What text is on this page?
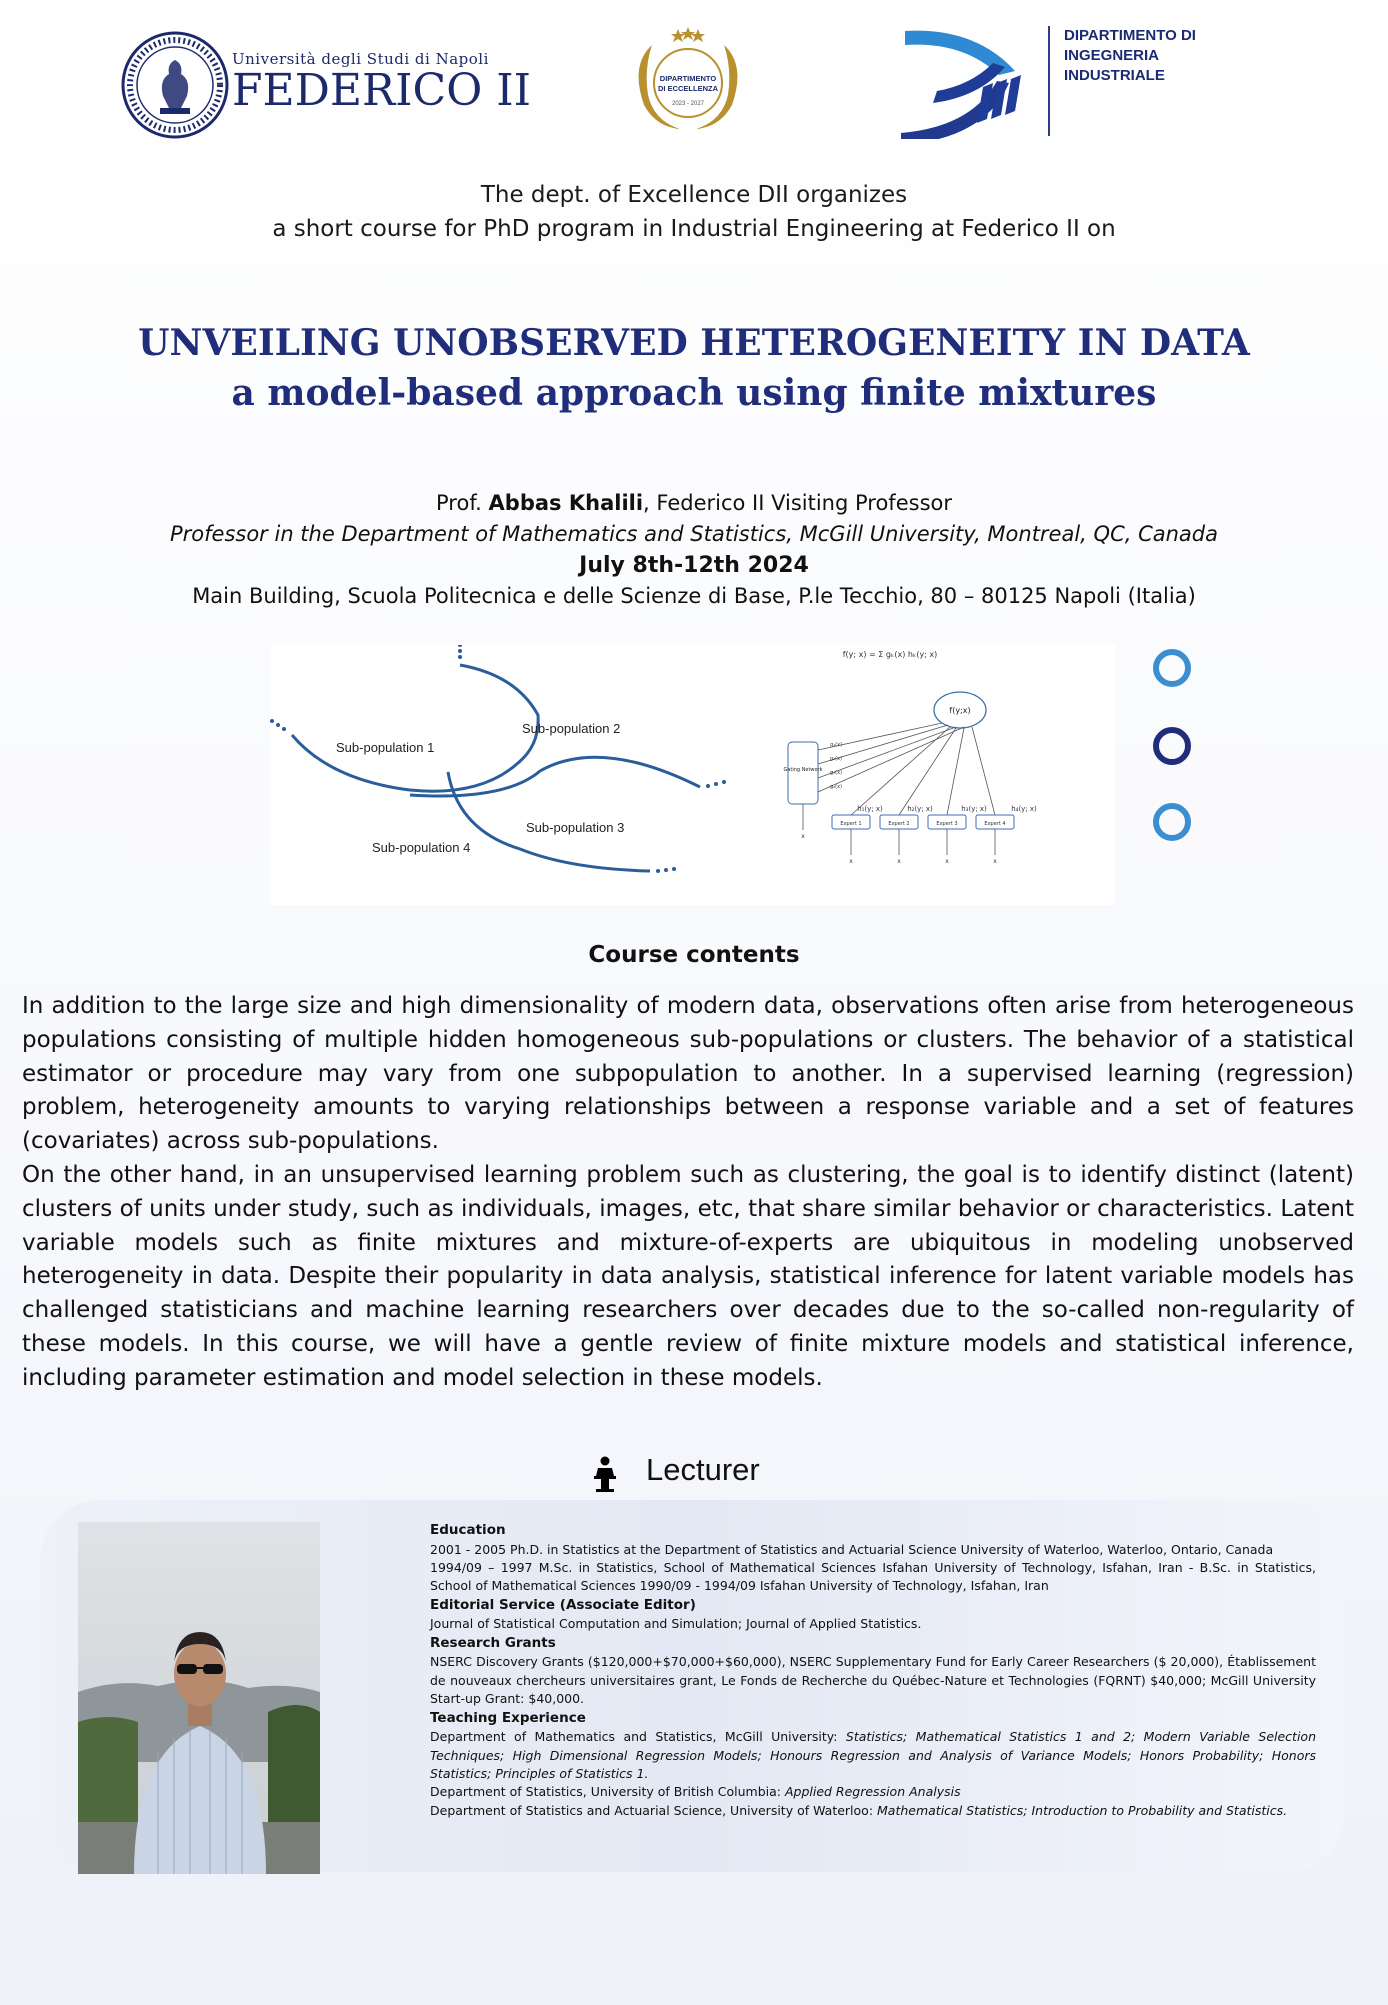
Università degli Studi di Napoli
FEDERICO II	DIPARTIMENTO
DI ECCELLENZA
2023 - 2027
DIPARTIMENTO DI
INGEGNERIA
INDUSTRIALE
The dept. of Excellence DII organizes
a short course for PhD program in Industrial Engineering at Federico II on
UNVEILING UNOBSERVED HETEROGENEITY IN DATA
a model-based approach using finite mixtures
Prof. Abbas Khalili, Federico II Visiting Professor
Professor in the Department of Mathematics and Statistics, McGill University, Montreal, QC, Canada
July 8th-12th 2024
Main Building, Scuola Politecnica e delle Scienze di Base, P.le Tecchio, 80 – 80125 Napoli (Italia)
Sub-population 1
Sub-population 2
Sub-population 3
Sub-population 4
f(y; x) = Σ gₖ(x) hₖ(y; x)
f(y;x)
Gating Network
g₁(x)
g₂(x)
g₃(x)
g₄(x)
h₁(y; x)	h₂(y; x)	h₃(y; x)	h₄(y; x)
Expert 1	Expert 2	Expert 3	Expert 4
x
x	x	x	x
Course contents

In addition to the large size and high dimensionality of modern data, observations often arise from heterogeneous populations consisting of multiple hidden homogeneous sub-populations or clusters. The behavior of a statistical estimator or procedure may vary from one subpopulation to another. In a supervised learning (regression) problem, heterogeneity amounts to varying relationships between a response variable and a set of features (covariates) across sub-populations.

On the other hand, in an unsupervised learning problem such as clustering, the goal is to identify distinct (latent) clusters of units under study, such as individuals, images, etc, that share similar behavior or characteristics. Latent variable models such as finite mixtures and mixture-of-experts are ubiquitous in modeling unobserved heterogeneity in data. Despite their popularity in data analysis, statistical inference for latent variable models has challenged statisticians and machine learning researchers over decades due to the so-called non-regularity of these models. In this course, we will have a gentle review of finite mixture models and statistical inference, including parameter estimation and model selection in these models.

Lecturer
Education
2001 - 2005 Ph.D. in Statistics at the Department of Statistics and Actuarial Science University of Waterloo, Waterloo, Ontario, Canada
1994/09 – 1997 M.Sc. in Statistics, School of Mathematical Sciences Isfahan University of Technology, Isfahan, Iran - B.Sc. in Statistics, School of Mathematical Sciences 1990/09 - 1994/09 Isfahan University of Technology, Isfahan, Iran
Editorial Service (Associate Editor)
Journal of Statistical Computation and Simulation; Journal of Applied Statistics.
Research Grants
NSERC Discovery Grants ($120,000+$70,000+$60,000), NSERC Supplementary Fund for Early Career Researchers ($ 20,000), Établissement de nouveaux chercheurs universitaires grant, Le Fonds de Recherche du Québec-Nature et Technologies (FQRNT) $40,000; McGill University Start-up Grant: $40,000.
Teaching Experience
Department of Mathematics and Statistics, McGill University: Statistics; Mathematical Statistics 1 and 2; Modern Variable Selection Techniques; High Dimensional Regression Models; Honours Regression and Analysis of Variance Models; Honors Probability; Honors Statistics; Principles of Statistics 1.
Department of Statistics, University of British Columbia: Applied Regression Analysis
Department of Statistics and Actuarial Science, University of Waterloo: Mathematical Statistics; Introduction to Probability and Statistics.
